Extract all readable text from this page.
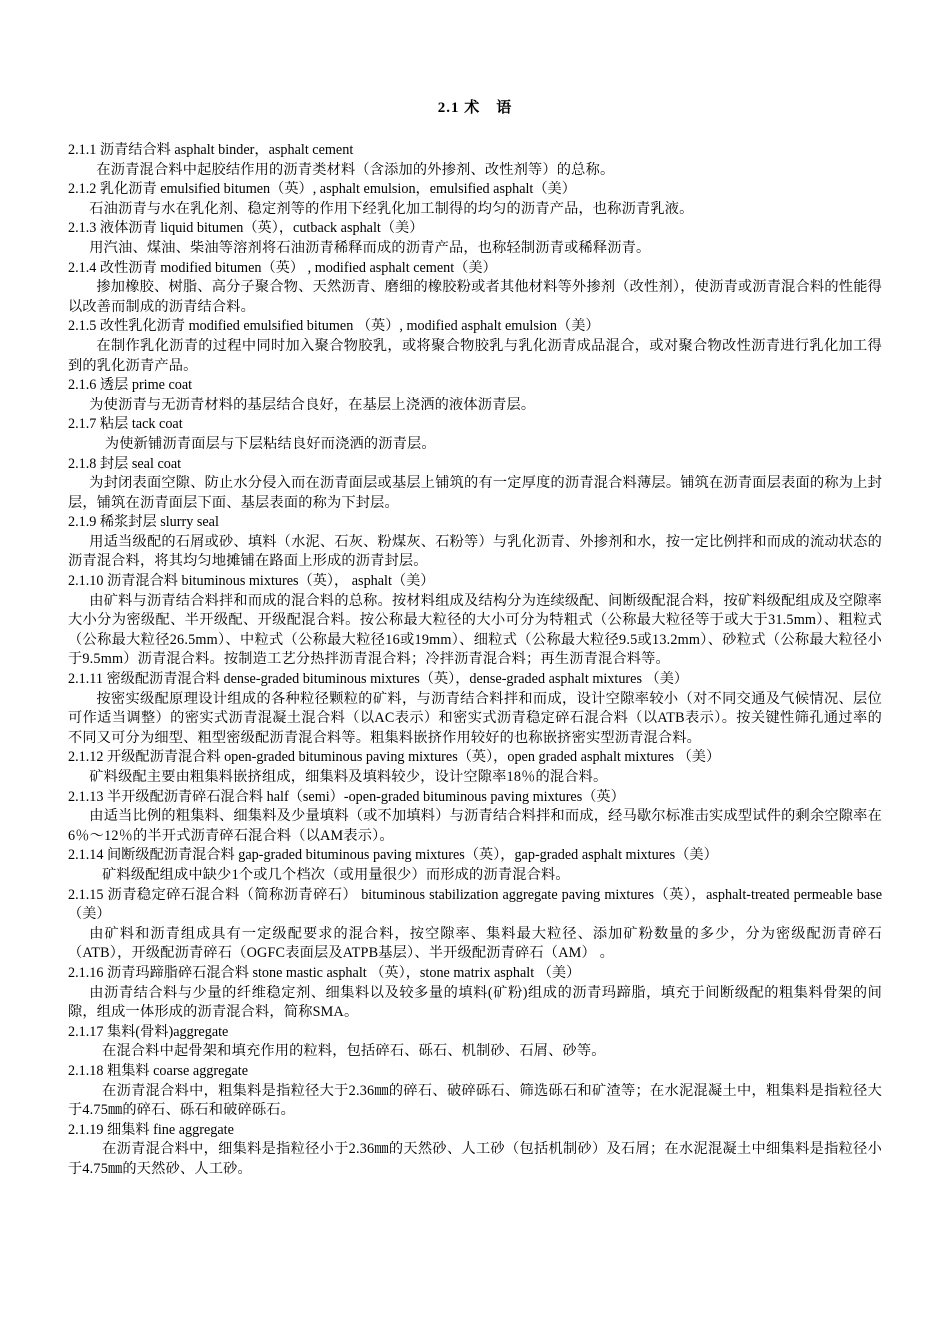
2.1 术　语

2.1.1 沥青结合料 asphalt binder，asphalt cement

在沥青混合料中起胶结作用的沥青类材料（含添加的外掺剂、改性剂等）的总称。

2.1.2 乳化沥青 emulsified bitumen（英）, asphalt emulsion，emulsified asphalt（美）

石油沥青与水在乳化剂、稳定剂等的作用下经乳化加工制得的均匀的沥青产品，也称沥青乳液。

2.1.3 液体沥青 liquid bitumen（英），cutback asphalt（美）

用汽油、煤油、柴油等溶剂将石油沥青稀释而成的沥青产品，也称轻制沥青或稀释沥青。

2.1.4 改性沥青 modified bitumen（英） , modified asphalt cement（美）

掺加橡胶、树脂、高分子聚合物、天然沥青、磨细的橡胶粉或者其他材料等外掺剂（改性剂），使沥青或沥青混合料的性能得以改善而制成的沥青结合料。

2.1.5 改性乳化沥青 modified emulsified bitumen （英）, modified asphalt emulsion（美）

在制作乳化沥青的过程中同时加入聚合物胶乳，或将聚合物胶乳与乳化沥青成品混合，或对聚合物改性沥青进行乳化加工得到的乳化沥青产品。

2.1.6 透层 prime coat

为使沥青与无沥青材料的基层结合良好，在基层上浇洒的液体沥青层。

2.1.7 粘层 tack coat

为使新铺沥青面层与下层粘结良好而浇洒的沥青层。

2.1.8 封层 seal coat

为封闭表面空隙、防止水分侵入而在沥青面层或基层上铺筑的有一定厚度的沥青混合料薄层。铺筑在沥青面层表面的称为上封层，铺筑在沥青面层下面、基层表面的称为下封层。

2.1.9 稀浆封层 slurry seal

用适当级配的石屑或砂、填料（水泥、石灰、粉煤灰、石粉等）与乳化沥青、外掺剂和水，按一定比例拌和而成的流动状态的沥青混合料，将其均匀地摊铺在路面上形成的沥青封层。

2.1.10 沥青混合料 bituminous mixtures（英）， asphalt（美）

由矿料与沥青结合料拌和而成的混合料的总称。按材料组成及结构分为连续级配、间断级配混合料，按矿料级配组成及空隙率大小分为密级配、半开级配、开级配混合料。按公称最大粒径的大小可分为特粗式（公称最大粒径等于或大于31.5mm）、粗粒式（公称最大粒径26.5mm）、中粒式（公称最大粒径16或19mm）、细粒式（公称最大粒径9.5或13.2mm）、砂粒式（公称最大粒径小于9.5mm）沥青混合料。按制造工艺分热拌沥青混合料；冷拌沥青混合料；再生沥青混合料等。

2.1.11 密级配沥青混合料 dense-graded bituminous mixtures（英），dense-graded asphalt mixtures （美）

按密实级配原理设计组成的各种粒径颗粒的矿料，与沥青结合料拌和而成，设计空隙率较小（对不同交通及气候情况、层位可作适当调整）的密实式沥青混凝土混合料（以AC表示）和密实式沥青稳定碎石混合料（以ATB表示）。按关键性筛孔通过率的不同又可分为细型、粗型密级配沥青混合料等。粗集料嵌挤作用较好的也称嵌挤密实型沥青混合料。

2.1.12 开级配沥青混合料 open-graded bituminous paving mixtures（英），open graded asphalt mixtures （美）

矿料级配主要由粗集料嵌挤组成，细集料及填料较少，设计空隙率18％的混合料。

2.1.13 半开级配沥青碎石混合料 half（semi）-open-graded bituminous paving mixtures（英）

由适当比例的粗集料、细集料及少量填料（或不加填料）与沥青结合料拌和而成，经马歇尔标准击实成型试件的剩余空隙率在6％～12％的半开式沥青碎石混合料（以AM表示）。

2.1.14 间断级配沥青混合料 gap-graded bituminous paving mixtures（英），gap-graded asphalt mixtures（美）

矿料级配组成中缺少1个或几个档次（或用量很少）而形成的沥青混合料。

2.1.15 沥青稳定碎石混合料（简称沥青碎石） bituminous stabilization aggregate paving mixtures（英），asphalt-treated permeable base（美）

由矿料和沥青组成具有一定级配要求的混合料，按空隙率、集料最大粒径、添加矿粉数量的多少，分为密级配沥青碎石（ATB），开级配沥青碎石（OGFC表面层及ATPB基层）、半开级配沥青碎石（AM） 。

2.1.16 沥青玛蹄脂碎石混合料 stone mastic asphalt （英），stone matrix asphalt （美）

由沥青结合料与少量的纤维稳定剂、细集料以及较多量的填料(矿粉)组成的沥青玛蹄脂，填充于间断级配的粗集料骨架的间隙，组成一体形成的沥青混合料，简称SMA。

2.1.17 集料(骨料)aggregate

在混合料中起骨架和填充作用的粒料，包括碎石、砾石、机制砂、石屑、砂等。

2.1.18 粗集料 coarse aggregate

在沥青混合料中，粗集料是指粒径大于2.36㎜的碎石、破碎砾石、筛选砾石和矿渣等；在水泥混凝土中，粗集料是指粒径大于4.75㎜的碎石、砾石和破碎砾石。

2.1.19 细集料 fine aggregate

在沥青混合料中，细集料是指粒径小于2.36㎜的天然砂、人工砂（包括机制砂）及石屑；在水泥混凝土中细集料是指粒径小于4.75㎜的天然砂、人工砂。
